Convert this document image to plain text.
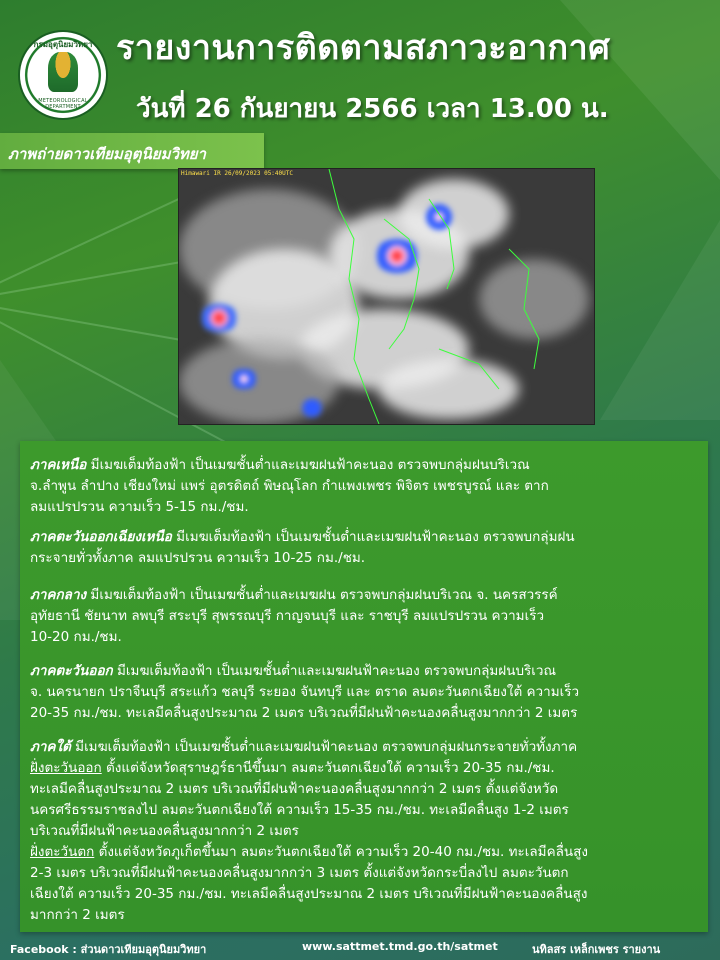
กรมอุตุนิยมวิทยา
METEOROLOGICAL DEPARTMENT
รายงานการติดตามสภาวะอากาศ
วันที่ 26 กันยายน 2566 เวลา 13.00 น.
ภาพถ่ายดาวเทียมอุตุนิยมวิทยา
Himawari IR 26/09/2023 05:40UTC
ภาคเหนือ มีเมฆเต็มท้องฟ้า เป็นเมฆชั้นต่ำและเมฆฝนฟ้าคะนอง ตรวจพบกลุ่มฝนบริเวณ
จ.ลำพูน ลำปาง เชียงใหม่ แพร่ อุตรดิตถ์ พิษณุโลก กำแพงเพชร พิจิตร เพชรบูรณ์ และ ตาก
ลมแปรปรวน ความเร็ว 5-15 กม./ชม.
ภาคตะวันออกเฉียงเหนือ มีเมฆเต็มท้องฟ้า เป็นเมฆชั้นต่ำและเมฆฝนฟ้าคะนอง ตรวจพบกลุ่มฝน
กระจายทั่วทั้งภาค ลมแปรปรวน ความเร็ว 10-25 กม./ชม.
ภาคกลาง มีเมฆเต็มท้องฟ้า เป็นเมฆชั้นต่ำและเมฆฝน ตรวจพบกลุ่มฝนบริเวณ จ. นครสวรรค์
อุทัยธานี ชัยนาท ลพบุรี สระบุรี สุพรรณบุรี กาญจนบุรี และ ราชบุรี ลมแปรปรวน ความเร็ว
10-20 กม./ชม.
ภาคตะวันออก มีเมฆเต็มท้องฟ้า เป็นเมฆชั้นต่ำและเมฆฝนฟ้าคะนอง ตรวจพบกลุ่มฝนบริเวณ
จ. นครนายก ปราจีนบุรี สระแก้ว ชลบุรี ระยอง จันทบุรี และ ตราด ลมตะวันตกเฉียงใต้ ความเร็ว
20-35 กม./ชม. ทะเลมีคลื่นสูงประมาณ 2 เมตร บริเวณที่มีฝนฟ้าคะนองคลื่นสูงมากกว่า 2 เมตร
ภาคใต้ มีเมฆเต็มท้องฟ้า เป็นเมฆชั้นต่ำและเมฆฝนฟ้าคะนอง ตรวจพบกลุ่มฝนกระจายทั่วทั้งภาค
ฝั่งตะวันออก ตั้งแต่จังหวัดสุราษฎร์ธานีขึ้นมา ลมตะวันตกเฉียงใต้ ความเร็ว 20-35 กม./ชม.
ทะเลมีคลื่นสูงประมาณ 2 เมตร บริเวณที่มีฝนฟ้าคะนองคลื่นสูงมากกว่า 2 เมตร ตั้งแต่จังหวัด
นครศรีธรรมราชลงไป ลมตะวันตกเฉียงใต้ ความเร็ว 15-35 กม./ชม. ทะเลมีคลื่นสูง 1-2 เมตร
บริเวณที่มีฝนฟ้าคะนองคลื่นสูงมากกว่า 2 เมตร
ฝั่งตะวันตก ตั้งแต่จังหวัดภูเก็ตขึ้นมา ลมตะวันตกเฉียงใต้ ความเร็ว 20-40 กม./ชม. ทะเลมีคลื่นสูง
2-3 เมตร บริเวณที่มีฝนฟ้าคะนองคลื่นสูงมากกว่า 3 เมตร ตั้งแต่จังหวัดกระบี่ลงไป ลมตะวันตก
เฉียงใต้ ความเร็ว 20-35 กม./ชม. ทะเลมีคลื่นสูงประมาณ 2 เมตร บริเวณที่มีฝนฟ้าคะนองคลื่นสูง
มากกว่า 2 เมตร
Facebook : ส่วนดาวเทียมอุตุนิยมวิทยา	www.sattmet.tmd.go.th/satmet	นทิลสร เหล็กเพชร รายงาน
